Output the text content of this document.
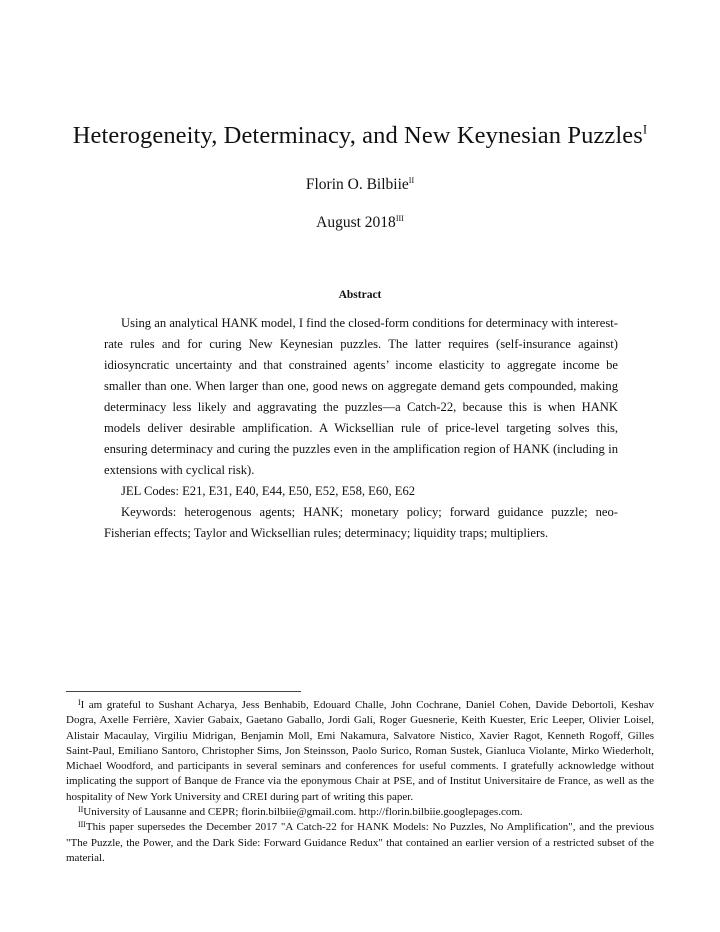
Heterogeneity, Determinacy, and New Keynesian Puzzles$^I$
Florin O. Bilbiie$^{II}$
August $2018^{III}$
Abstract

Using an analytical HANK model, I find the closed-form conditions for determinacy with interest-rate rules and for curing New Keynesian puzzles. The latter requires (self-insurance against) idiosyncratic uncertainty and that constrained agents’ income elasticity to aggregate income be smaller than one. When larger than one, good news on aggregate demand gets compounded, making determinacy less likely and aggravating the puzzles—a Catch-22, because this is when HANK models deliver desirable amplification. A Wicksellian rule of price-level targeting solves this, ensuring determinacy and curing the puzzles even in the amplification region of HANK (including in extensions with cyclical risk).

JEL Codes: E21, E31, E40, E44, E50, E52, E58, E60, E62

Keywords: heterogenous agents; HANK; monetary policy; forward guidance puzzle; neo-Fisherian effects; Taylor and Wicksellian rules; determinacy; liquidity traps; multipliers.

$^I$I am grateful to Sushant Acharya, Jess Benhabib, Edouard Challe, John Cochrane, Daniel Cohen, Davide Debortoli, Keshav Dogra, Axelle Ferrière, Xavier Gabaix, Gaetano Gaballo, Jordi Galí, Roger Guesnerie, Keith Kuester, Eric Leeper, Olivier Loisel, Alistair Macaulay, Virgiliu Midrigan, Benjamin Moll, Emi Nakamura, Salvatore Nistico, Xavier Ragot, Kenneth Rogoff, Gilles Saint-Paul, Emiliano Santoro, Christopher Sims, Jon Steinsson, Paolo Surico, Roman Sustek, Gianluca Violante, Mirko Wiederholt, Michael Woodford, and participants in several seminars and conferences for useful comments. I gratefully acknowledge without implicating the support of Banque de France via the eponymous Chair at PSE, and of Institut Universitaire de France, as well as the hospitality of New York University and CREI during part of writing this paper.

$^{II}$University of Lausanne and CEPR; florin.bilbiie@gmail.com. http://florin.bilbiie.googlepages.com.

$^{III}$This paper supersedes the December 2017 "A Catch-22 for HANK Models: No Puzzles, No Amplification", and the previous "The Puzzle, the Power, and the Dark Side: Forward Guidance Redux" that contained an earlier version of a restricted subset of the material.
